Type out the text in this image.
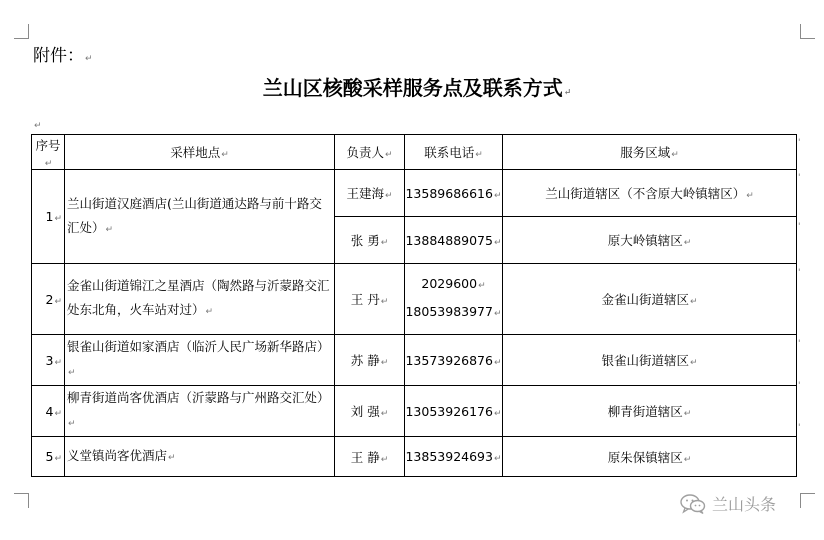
附件：↵
兰山区核酸采样服务点及联系方式↵
↵
序号↵	采样地点↵	负责人↵	联系电话↵	服务区域↵
1↵	兰山街道汉庭酒店(兰山街道通达路与前十路交汇处）↵	王建海↵	13589686616↵	兰山街道辖区（不含原大岭镇辖区）↵
		张 勇↵	13884889075↵	原大岭镇辖区↵
2↵	金雀山街道锦江之星酒店（陶然路与沂蒙路交汇处东北角，火车站对过）↵	王 丹↵	2029600↵
18053983977↵	金雀山街道辖区↵
3↵	银雀山街道如家酒店（临沂人民广场新华路店）↵	苏 静↵	13573926876↵	银雀山街道辖区↵
4↵	柳青街道尚客优酒店（沂蒙路与广州路交汇处）↵	刘 强↵	13053926176↵	柳青街道辖区↵
5↵	义堂镇尚客优酒店↵	王 静↵	13853924693↵	原朱保镇辖区↵
'
'
'
'
'
'
'
兰山头条
